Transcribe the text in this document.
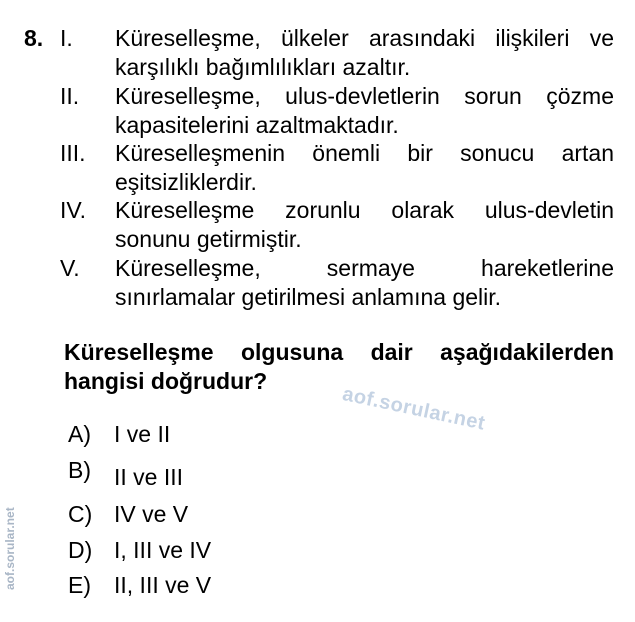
8. I. Küreselleşme, ülkeler arasındaki ilişkileri ve karşılıklı bağımlılıkları azaltır.
II. Küreselleşme, ulus-devletlerin sorun çözme kapasitelerini azaltmaktadır.
III. Küreselleşmenin önemli bir sonucu artan eşitsizliklerdir.
IV. Küreselleşme zorunlu olarak ulus-devletin sonunu getirmiştir.
V. Küreselleşme, sermaye hareketlerine sınırlamalar getirilmesi anlamına gelir.
Küreselleşme olgusuna dair aşağıdakilerden hangisi doğrudur?
aof.sorular.net
A) I ve II
B) II ve III
C) IV ve V
D) I, III ve IV
E) II, III ve V
aof.sorular.net
